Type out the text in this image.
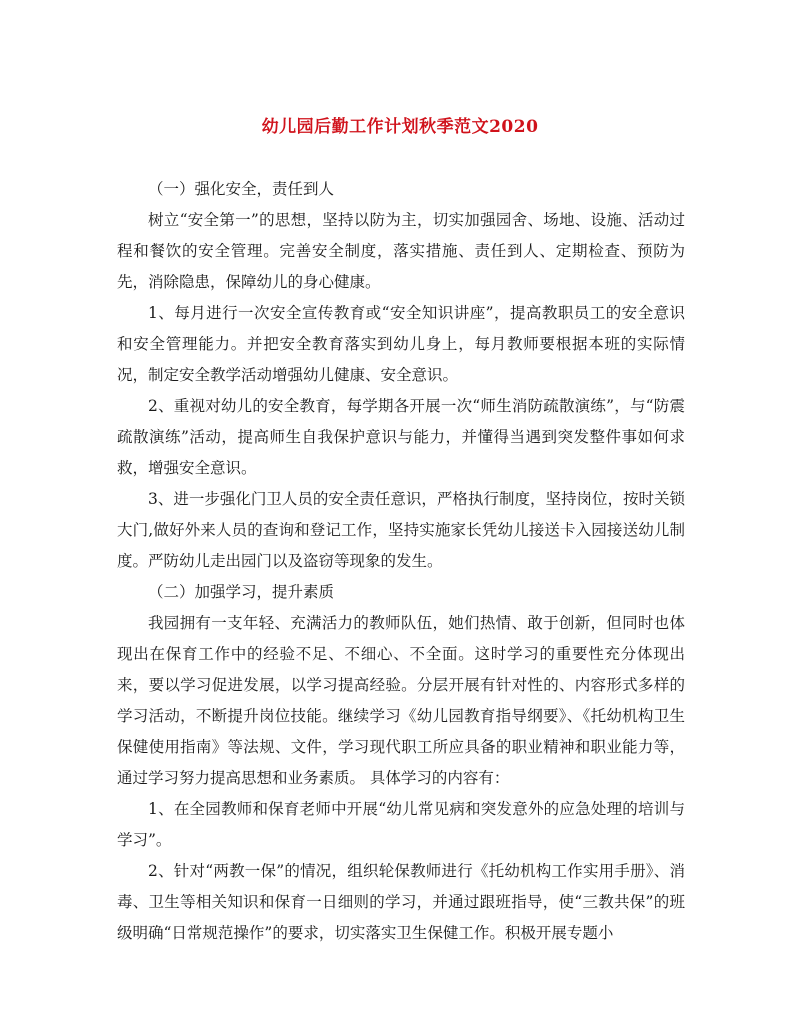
幼儿园后勤工作计划秋季范文2020

（一）强化安全，责任到人

树立“安全第一”的思想，坚持以防为主，切实加强园舍、场地、设施、活动过程和餐饮的安全管理。完善安全制度，落实措施、责任到人、定期检查、预防为先，消除隐患，保障幼儿的身心健康。

1、每月进行一次安全宣传教育或“安全知识讲座”，提高教职员工的安全意识和安全管理能力。并把安全教育落实到幼儿身上，每月教师要根据本班的实际情况，制定安全教学活动增强幼儿健康、安全意识。

2、重视对幼儿的安全教育，每学期各开展一次“师生消防疏散演练”，与“防震疏散演练”活动，提高师生自我保护意识与能力，并懂得当遇到突发整件事如何求救，增强安全意识。

3、进一步强化门卫人员的安全责任意识，严格执行制度，坚持岗位，按时关锁大门,做好外来人员的查询和登记工作，坚持实施家长凭幼儿接送卡入园接送幼儿制度。严防幼儿走出园门以及盗窃等现象的发生。

（二）加强学习，提升素质

我园拥有一支年轻、充满活力的教师队伍，她们热情、敢于创新，但同时也体现出在保育工作中的经验不足、不细心、不全面。这时学习的重要性充分体现出来，要以学习促进发展，以学习提高经验。分层开展有针对性的、内容形式多样的学习活动，不断提升岗位技能。继续学习《幼儿园教育指导纲要》、《托幼机构卫生保健使用指南》等法规、文件，学习现代职工所应具备的职业精神和职业能力等，通过学习努力提高思想和业务素质。 具体学习的内容有：

1、在全园教师和保育老师中开展“幼儿常见病和突发意外的应急处理的培训与学习”。

2、针对“两教一保”的情况，组织轮保教师进行《托幼机构工作实用手册》、消毒、卫生等相关知识和保育一日细则的学习，并通过跟班指导，使“三教共保”的班级明确“日常规范操作”的要求，切实落实卫生保健工作。积极开展专题小
